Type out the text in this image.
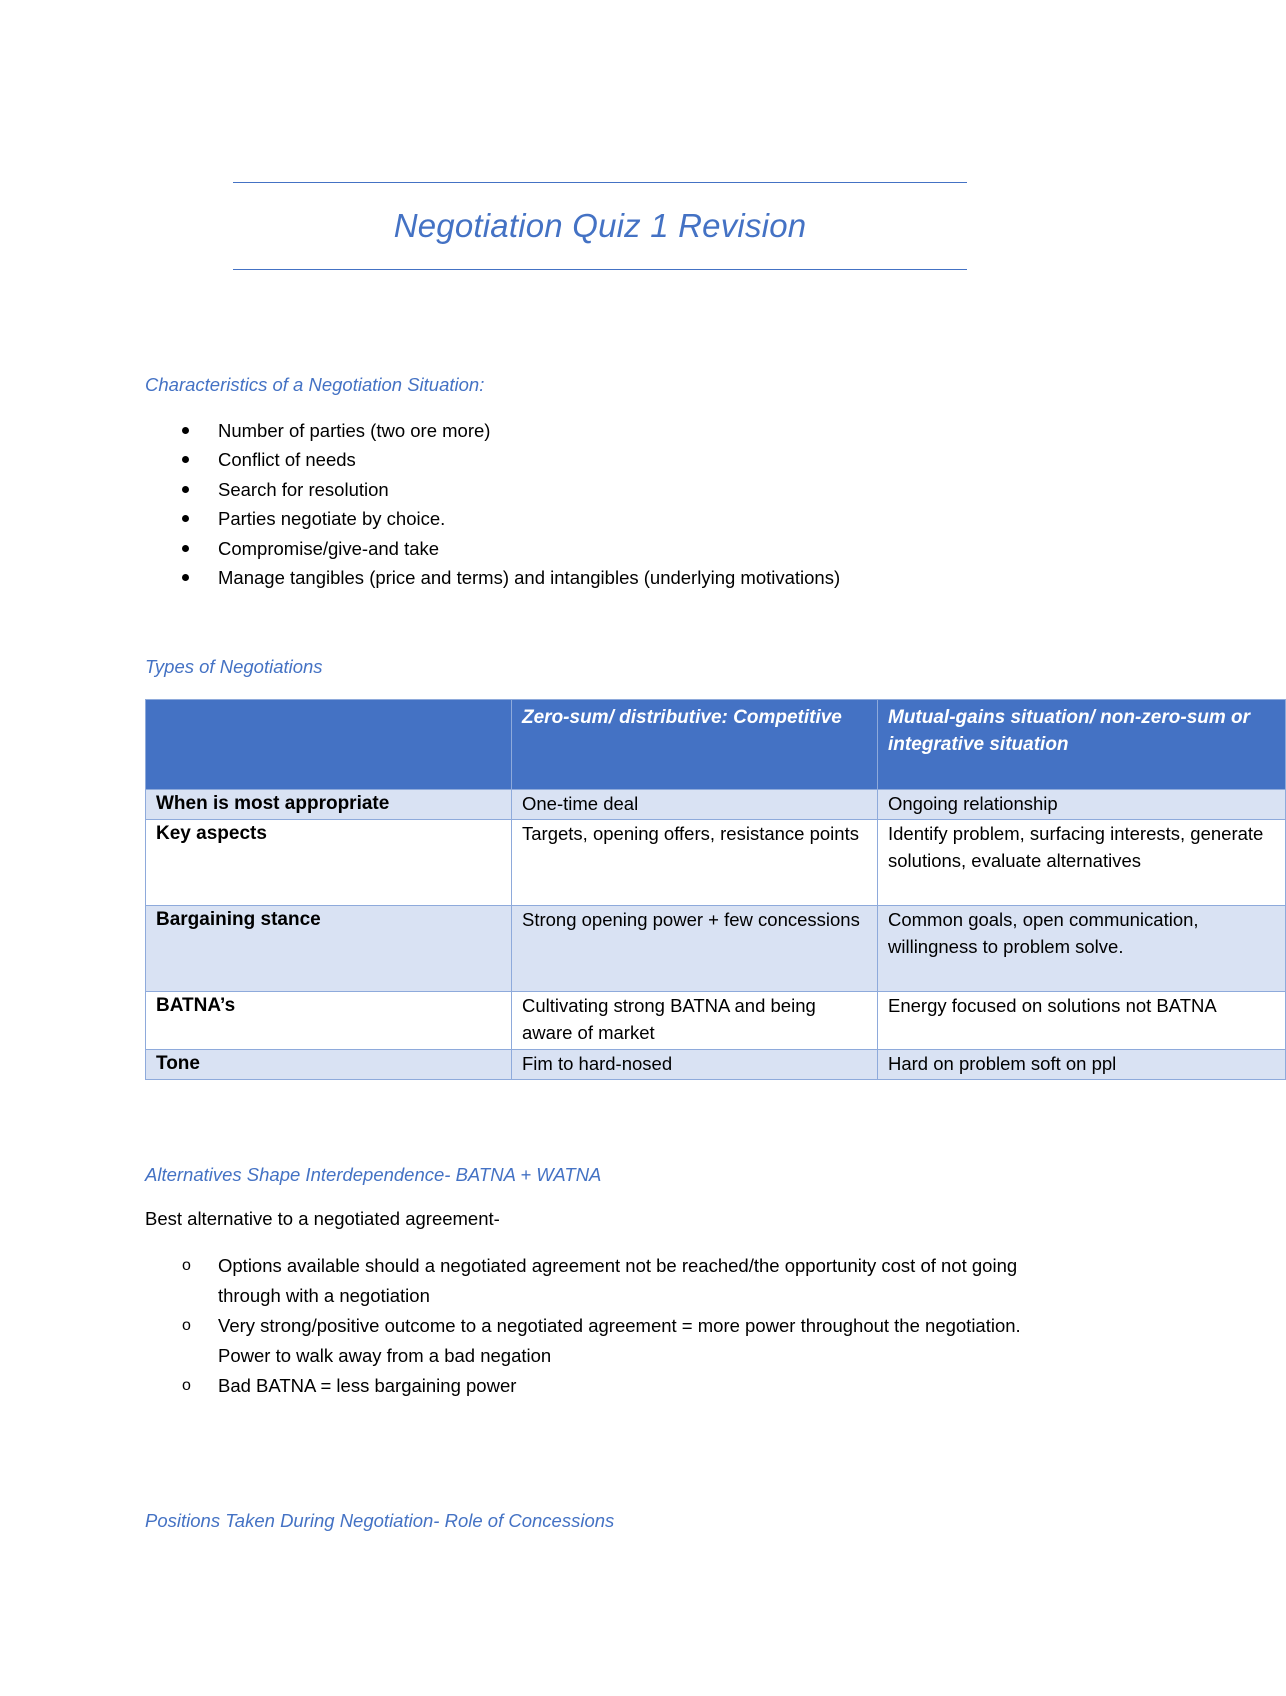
Negotiation Quiz 1 Revision
Characteristics of a Negotiation Situation:
Number of parties (two ore more)
Conflict of needs
Search for resolution
Parties negotiate by choice.
Compromise/give-and take
Manage tangibles (price and terms) and intangibles (underlying motivations)
Types of Negotiations
	Zero-sum/ distributive: Competitive	Mutual-gains situation/ non-zero-sum or integrative situation
When is most appropriate	One-time deal	Ongoing relationship
Key aspects	Targets, opening offers, resistance points	Identify problem, surfacing interests, generate solutions, evaluate alternatives
Bargaining stance	Strong opening power + few concessions	Common goals, open communication, willingness to problem solve.
BATNA’s	Cultivating strong BATNA and being aware of market	Energy focused on solutions not BATNA
Tone	Fim to hard-nosed	Hard on problem soft on ppl
Alternatives Shape Interdependence- BATNA + WATNA

Best alternative to a negotiated agreement-

o Options available should a negotiated agreement not be reached/the opportunity cost of not going through with a negotiation
o Very strong/positive outcome to a negotiated agreement = more power throughout the negotiation. Power to walk away from a bad negation
o Bad BATNA = less bargaining power
Positions Taken During Negotiation- Role of Concessions
